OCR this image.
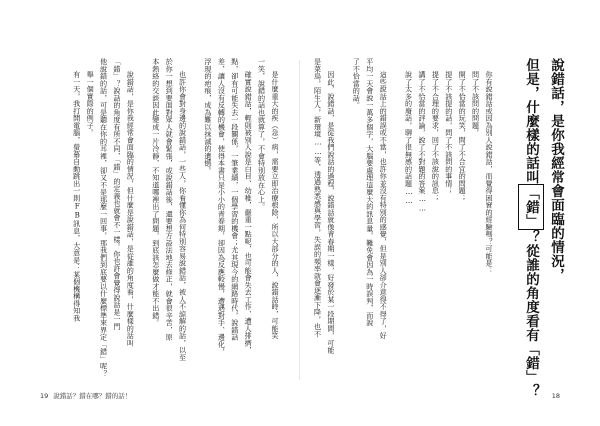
是什麼重大的疾（急）病，需要立即治療根除，所以大部分的人，說錯話時，可能笑

一笑，說錯的話也就算了，不會特別放在心上。

確實說錯話，輕則被別人說是白目、幼稚，嚴重一點呢，也可能會失去工作、遭人排擠，

點，卻有可能失去一段關係，一筆業績，一個學習的機會；尤其現今的網路時代，說錯話

差，讓人沒有反轉的機會，使得本書只是小小的青春期，卻因為反應較慢，遭遇對手、邊化，

浮現的疤痕，成為難以抹滅的遺憾。

也許你會對身邊的說錯話，一些人，你看懂你為何特別容易說錯話，被人不諒解的話，以至

於你一想到要面對眾人就會緊張，或說錯話後，還要想方設法地去修正，就會很辛苦，原

本熱絡的交談因此變成一片冷靜，不知道哪裡出了問題，到底該怎麼做才能不出錯。

說錯話，是你我經常會面臨的情況，但什麼是說錯話，是從誰的角度看，什麼樣的話叫

「錯」？說話的角度有所不同，「錯」的定義也就會不一樣。你也許會覺得說話是一門

他說錯的話，可是聽在你的耳裡，卻又不是那麼一回事，那我們到底要以什麼標準來界定「錯」呢？

舉一個實際的例子。

有一天，我打開電腦，螢幕自動跳出一則FB訊息，大意是：某個機構得知我

19 說錯話？錯在哪？錯的話！

說錯話，是你我經常會面臨的情況，

但是，什麼樣的話叫「錯」？從誰的角度看有「錯」？

你有說錯話或因為別人說錯話，而覺得困窘的經驗嗎？可能是：

問了不該問的問題，

開了不恰當的玩笑，問了不合宜的問題；

提了不該提的話，問了不該問的事情；

提了不合理的要求，回了不該說的訊息；

講了不恰當的評論，說了不對題的答案……

說了太多的廢話，聊了很無感的話題……

這些說話上的錯誤或不當，也許你並沒有特別的感覺，但是別人卻介意得不得了，好

平均一天會說一萬多個字，大腦要處理這麼大的訊息量，難免會因為一時誤判，而說

了不恰當的話。

因此，說錯話，是從我們說話的過程，說錯話就像青春期一樣，好發於某一段期間，可能

是菜鳥，陌生人，新環境……等，透過熟悉感與學習，失誤的頻率就會逐漸下降，也不

18
